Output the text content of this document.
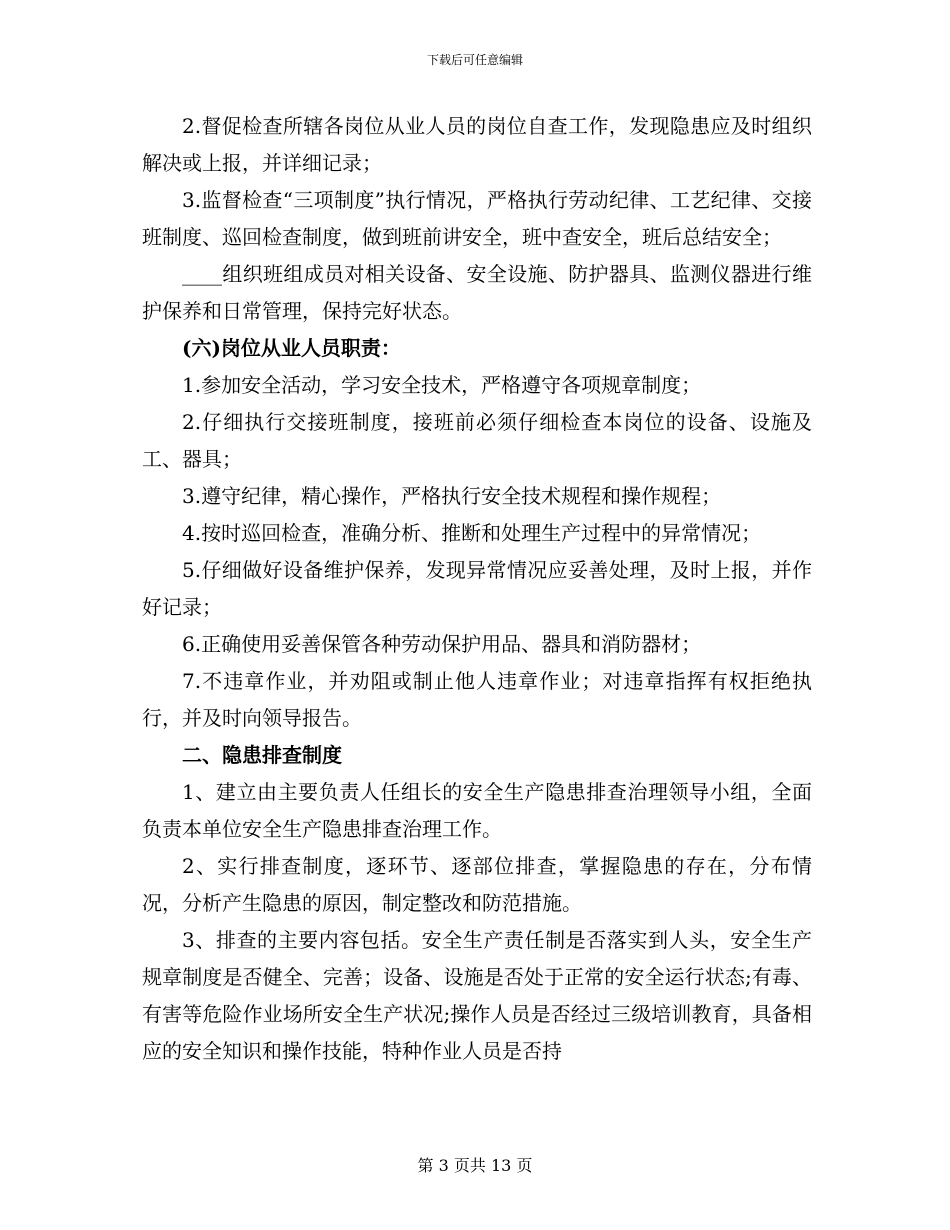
下载后可任意编辑

2.督促检查所辖各岗位从业人员的岗位自查工作，发现隐患应及时组织解决或上报，并详细记录；

3.监督检查“三项制度”执行情况，严格执行劳动纪律、工艺纪律、交接班制度、巡回检查制度，做到班前讲安全，班中查安全，班后总结安全；

____组织班组成员对相关设备、安全设施、防护器具、监测仪器进行维护保养和日常管理，保持完好状态。

(六)岗位从业人员职责：

1.参加安全活动，学习安全技术，严格遵守各项规章制度；

2.仔细执行交接班制度，接班前必须仔细检查本岗位的设备、设施及工、器具；

3.遵守纪律，精心操作，严格执行安全技术规程和操作规程；

4.按时巡回检查，准确分析、推断和处理生产过程中的异常情况；

5.仔细做好设备维护保养，发现异常情况应妥善处理，及时上报，并作好记录；

6.正确使用妥善保管各种劳动保护用品、器具和消防器材；

7.不违章作业，并劝阻或制止他人违章作业；对违章指挥有权拒绝执行，并及时向领导报告。

二、隐患排查制度

1、建立由主要负责人任组长的安全生产隐患排查治理领导小组，全面负责本单位安全生产隐患排查治理工作。

2、实行排查制度，逐环节、逐部位排查，掌握隐患的存在，分布情况，分析产生隐患的原因，制定整改和防范措施。

3、排查的主要内容包括。安全生产责任制是否落实到人头，安全生产规章制度是否健全、完善；设备、设施是否处于正常的安全运行状态;有毒、有害等危险作业场所安全生产状况;操作人员是否经过三级培训教育，具备相应的安全知识和操作技能，特种作业人员是否持

第 3 页共 13 页
